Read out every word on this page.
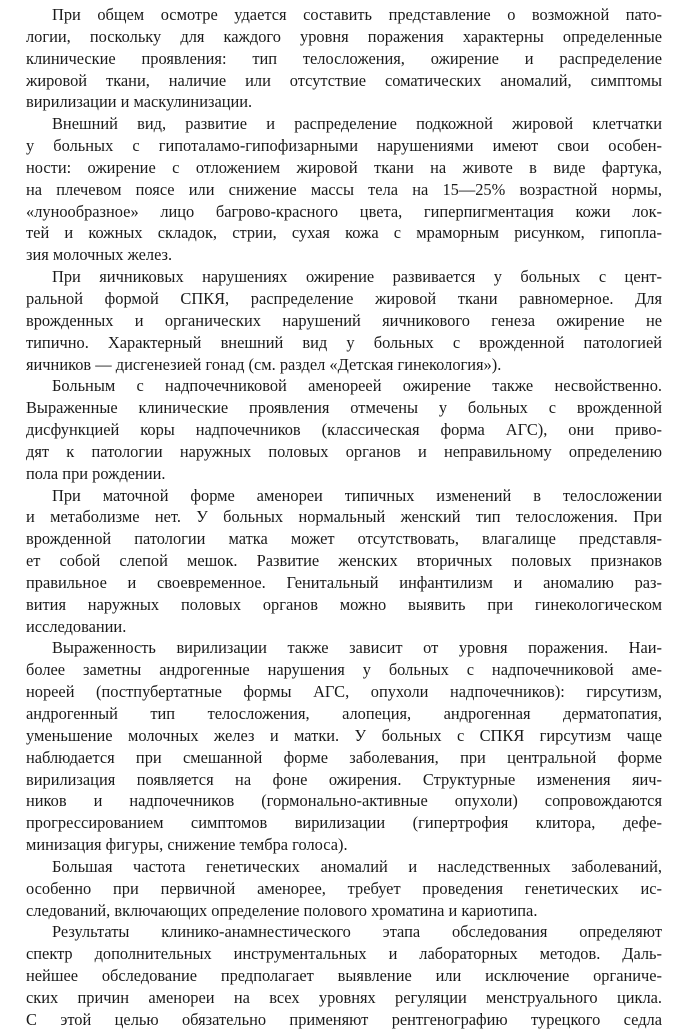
При общем осмотре удается составить представление о возможной пато-
логии, поскольку для каждого уровня поражения характерны определенные
клинические проявления: тип телосложения, ожирение и распределение
жировой ткани, наличие или отсутствие соматических аномалий, симптомы
вирилизации и маскулинизации.
Внешний вид, развитие и распределение подкожной жировой клетчатки
у больных с гипоталамо-гипофизарными нарушениями имеют свои особен-
ности: ожирение с отложением жировой ткани на животе в виде фартука,
на плечевом поясе или снижение массы тела на 15—25% возрастной нормы,
«лунообразное» лицо багрово-красного цвета, гиперпигментация кожи лок-
тей и кожных складок, стрии, сухая кожа с мраморным рисунком, гипопла-
зия молочных желез.
При яичниковых нарушениях ожирение развивается у больных с цент-
ральной формой СПКЯ, распределение жировой ткани равномерное. Для
врожденных и органических нарушений яичникового генеза ожирение не
типично. Характерный внешний вид у больных с врожденной патологией
яичников — дисгенезией гонад (см. раздел «Детская гинекология»).
Больным с надпочечниковой аменореей ожирение также несвойственно.
Выраженные клинические проявления отмечены у больных с врожденной
дисфункцией коры надпочечников (классическая форма АГС), они приво-
дят к патологии наружных половых органов и неправильному определению
пола при рождении.
При маточной форме аменореи типичных изменений в телосложении
и метаболизме нет. У больных нормальный женский тип телосложения. При
врожденной патологии матка может отсутствовать, влагалище представля-
ет собой слепой мешок. Развитие женских вторичных половых признаков
правильное и своевременное. Генитальный инфантилизм и аномалию раз-
вития наружных половых органов можно выявить при гинекологическом
исследовании.
Выраженность вирилизации также зависит от уровня поражения. Наи-
более заметны андрогенные нарушения у больных с надпочечниковой аме-
нореей (постпубертатные формы АГС, опухоли надпочечников): гирсутизм,
андрогенный тип телосложения, алопеция, андрогенная дерматопатия,
уменьшение молочных желез и матки. У больных с СПКЯ гирсутизм чаще
наблюдается при смешанной форме заболевания, при центральной форме
вирилизация появляется на фоне ожирения. Структурные изменения яич-
ников и надпочечников (гормонально-активные опухоли) сопровождаются
прогрессированием симптомов вирилизации (гипертрофия клитора, дефе-
минизация фигуры, снижение тембра голоса).
Большая частота генетических аномалий и наследственных заболеваний,
особенно при первичной аменорее, требует проведения генетических ис-
следований, включающих определение полового хроматина и кариотипа.
Результаты клинико-анамнестического этапа обследования определяют
спектр дополнительных инструментальных и лабораторных методов. Даль-
нейшее обследование предполагает выявление или исключение органиче-
ских причин аменореи на всех уровнях регуляции менструального цикла.
С этой целью обязательно применяют рентгенографию турецкого седла
